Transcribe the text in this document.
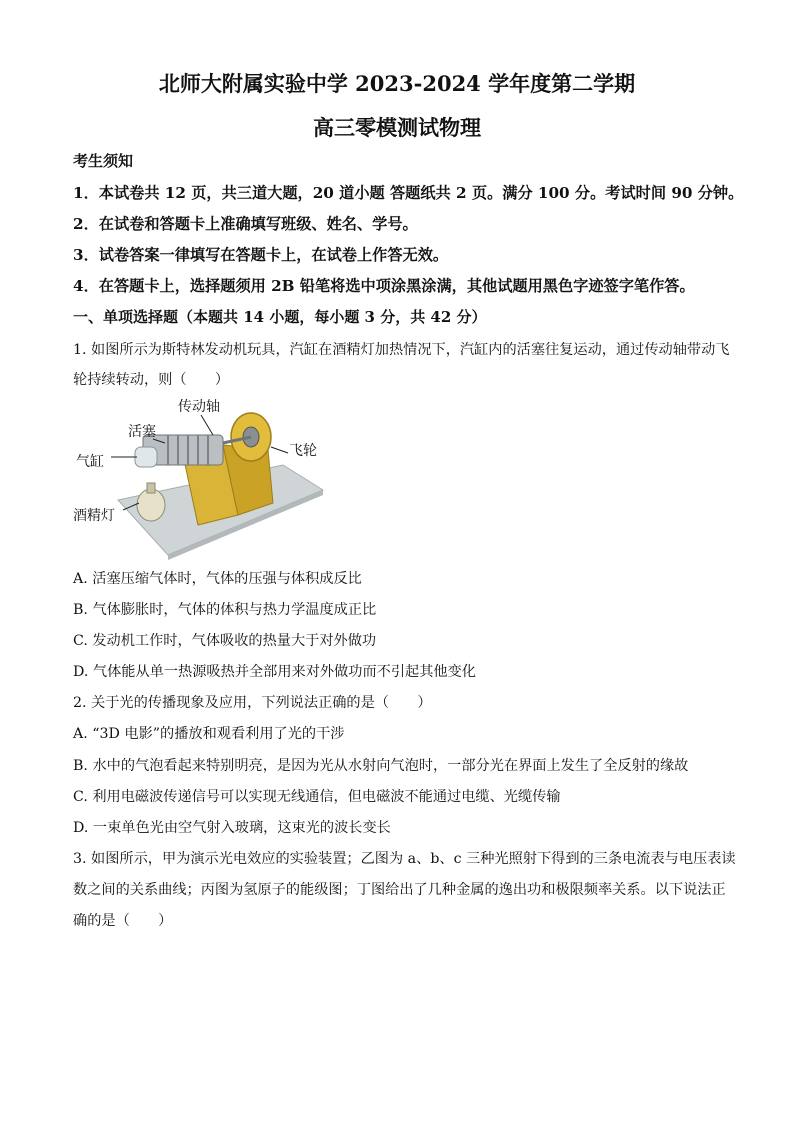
北师大附属实验中学 2023-2024 学年度第二学期
高三零模测试物理
考生须知
1．本试卷共 12 页，共三道大题，20 道小题 答题纸共 2 页。满分 100 分。考试时间 90 分钟。
2．在试卷和答题卡上准确填写班级、姓名、学号。
3．试卷答案一律填写在答题卡上，在试卷上作答无效。
4．在答题卡上，选择题须用 2B 铅笔将选中项涂黑涂满，其他试题用黑色字迹签字笔作答。
一、单项选择题（本题共 14 小题，每小题 3 分，共 42 分）
1. 如图所示为斯特林发动机玩具，汽缸在酒精灯加热情况下，汽缸内的活塞往复运动，通过传动轴带动飞
轮持续转动，则（　　）
传动轴
活塞
飞轮
气缸
酒精灯
A. 活塞压缩气体时，气体的压强与体积成反比
B. 气体膨胀时，气体的体积与热力学温度成正比
C. 发动机工作时，气体吸收的热量大于对外做功
D. 气体能从单一热源吸热并全部用来对外做功而不引起其他变化
2. 关于光的传播现象及应用，下列说法正确的是（　　）
A. “3D 电影”的播放和观看利用了光的干涉
B. 水中的气泡看起来特别明亮，是因为光从水射向气泡时，一部分光在界面上发生了全反射的缘故
C. 利用电磁波传递信号可以实现无线通信，但电磁波不能通过电缆、光缆传输
D. 一束单色光由空气射入玻璃，这束光的波长变长
3. 如图所示，甲为演示光电效应的实验装置；乙图为 a、b、c 三种光照射下得到的三条电流表与电压表读
数之间的关系曲线；丙图为氢原子的能级图；丁图给出了几种金属的逸出功和极限频率关系。以下说法正
确的是（　　）
